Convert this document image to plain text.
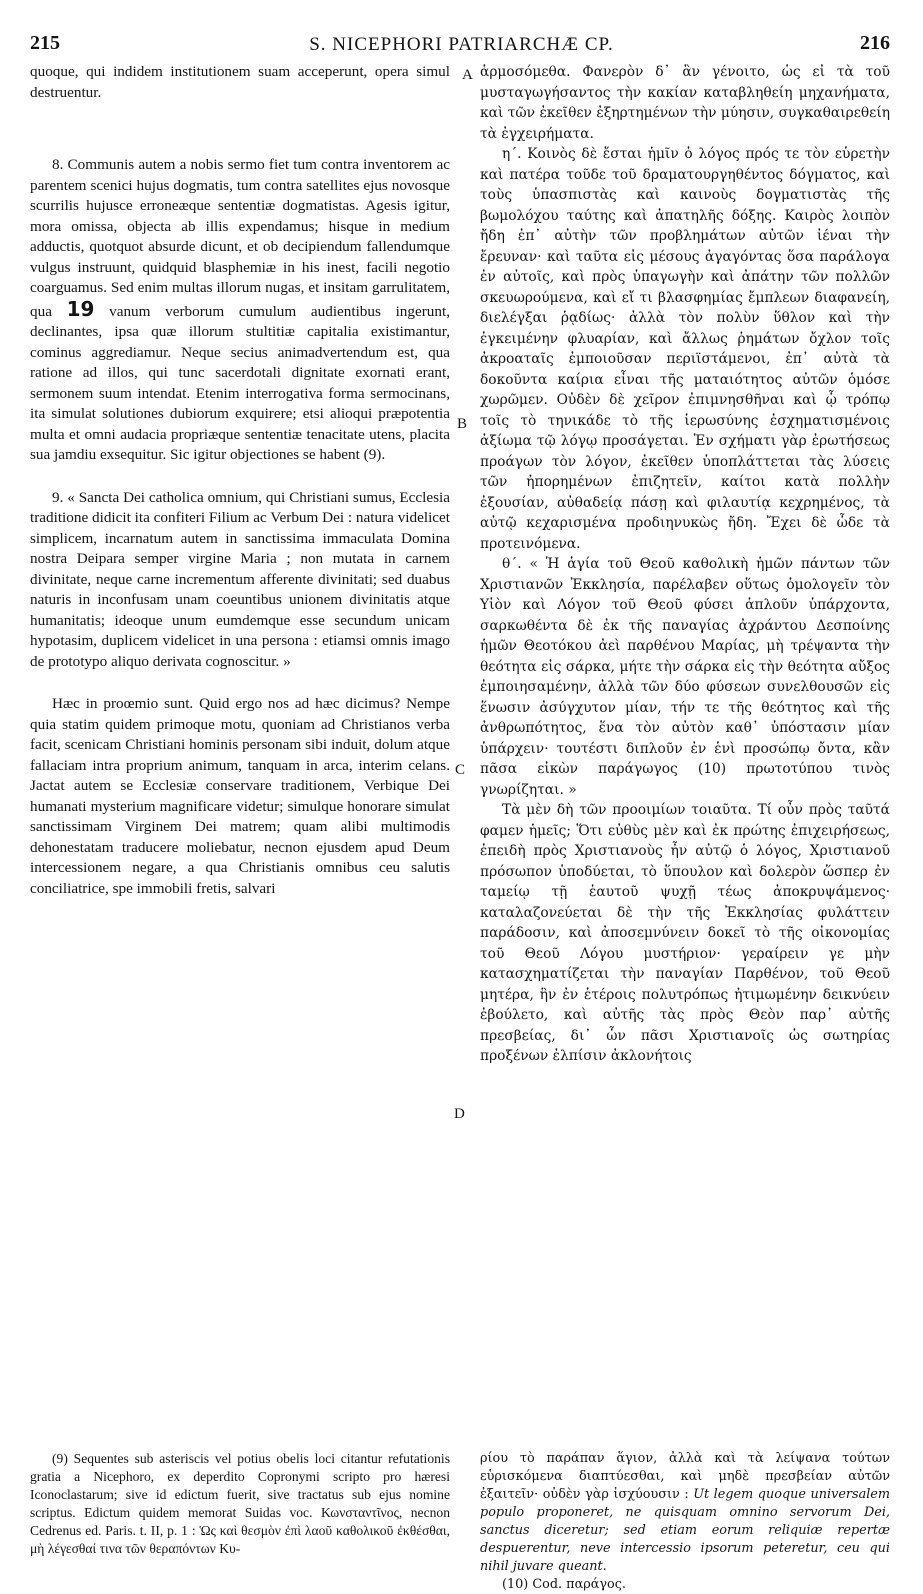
215	S. NICEPHORI PATRIARCHÆ CP.	216

quoque, qui indidem institutionem suam acceperunt, opera simul destruentur.

8. Communis autem a nobis sermo fiet tum contra inventorem ac parentem scenici hujus dogmatis, tum contra satellites ejus novosque scurrilis hujusce erroneæque sententiæ dogmatistas. Agesis igitur, mora omissa, objecta ab illis expendamus; hisque in medium adductis, quotquot absurde dicunt, et ob decipiendum fallendumque vulgus instruunt, quidquid blasphemiæ in his inest, facili negotio coarguamus. Sed enim multas illorum nugas, et insitam garrulitatem, qua 19 vanum verborum cumulum audientibus ingerunt, declinantes, ipsa quæ illorum stultitiæ capitalia existimantur, cominus aggrediamur. Neque secius animadvertendum est, qua ratione ad illos, qui tunc sacerdotali dignitate exornati erant, sermonem suum intendat. Etenim interrogativa forma sermocinans, ita simulat solutiones dubiorum exquirere; etsi alioqui præpotentia multa et omni audacia propriæque sententiæ tenacitate utens, placita sua jamdiu exsequitur. Sic igitur objectiones se habent (9).

9. « Sancta Dei catholica omnium, qui Christiani sumus, Ecclesia traditione didicit ita confiteri Filium ac Verbum Dei : natura videlicet simplicem, incarnatum autem in sanctissima immaculata Domina nostra Deipara semper virgine Maria ; non mutata in carnem divinitate, neque carne incrementum afferente divinitati; sed duabus naturis in inconfusam unam coeuntibus unionem divinitatis atque humanitatis; ideoque unum eumdemque esse secundum unicam hypotasim, duplicem videlicet in una persona : etiamsi omnis imago de prototypo aliquo derivata cognoscitur. »

Hæc in proœmio sunt. Quid ergo nos ad hæc dicimus? Nempe quia statim quidem primoque motu, quoniam ad Christianos verba facit, scenicam Christiani hominis personam sibi induit, dolum atque fallaciam intra proprium animum, tanquam in arca, interim celans. Jactat autem se Ecclesiæ conservare traditionem, Verbique Dei humanati mysterium magnificare videtur; simulque honorare simulat sanctissimam Virginem Dei matrem; quam alibi multimodis dehonestatam traducere moliebatur, necnon ejusdem apud Deum intercessionem negare, a qua Christianis omnibus ceu salutis conciliatrice, spe immobili fretis, salvari

A
B
C
D

ἁρμοσόμεθα. Φανερὸν δ᾽ ἂν γένοιτο, ὡς εἰ τὰ τοῦ μυσταγωγήσαντος τὴν κακίαν καταβληθείη μηχανήματα, καὶ τῶν ἐκεῖθεν ἐξηρτημένων τὴν μύησιν, συγκαθαιρεθείη τὰ ἐγχειρήματα.

η΄. Κοινὸς δὲ ἔσται ἡμῖν ὁ λόγος πρός τε τὸν εὑρετὴν καὶ πατέρα τοῦδε τοῦ δραματουργηθέντος δόγματος, καὶ τοὺς ὑπασπιστὰς καὶ καινοὺς δογματιστὰς τῆς βωμολόχου ταύτης καὶ ἀπατηλῆς δόξης. Καιρὸς λοιπὸν ἤδη ἐπ᾽ αὐτὴν τῶν προβλημάτων αὐτῶν ἰέναι τὴν ἔρευναν· καὶ ταῦτα εἰς μέσους ἀγαγόντας ὅσα παράλογα ἐν αὐτοῖς, καὶ πρὸς ὑπαγωγὴν καὶ ἀπάτην τῶν πολλῶν σκευωρούμενα, καὶ εἴ τι βλασφημίας ἔμπλεων διαφανείη, διελέγξαι ῥᾳδίως· ἀλλὰ τὸν πολὺν ὕθλον καὶ τὴν ἐγκειμένην φλυαρίαν, καὶ ἄλλως ῥημάτων ὄχλον τοῖς ἀκροαταῖς ἐμποιοῦσαν περιϊστάμενοι, ἐπ᾽ αὐτὰ τὰ δοκοῦντα καίρια εἶναι τῆς ματαιότητος αὐτῶν ὁμόσε χωρῶμεν. Οὐδὲν δὲ χεῖρον ἐπιμνησθῆναι καὶ ᾧ τρόπῳ τοῖς τὸ τηνικάδε τὸ τῆς ἱερωσύνης ἐσχηματισμένοις ἀξίωμα τῷ λόγῳ προσάγεται. Ἐν σχήματι γὰρ ἐρωτήσεως προάγων τὸν λόγον, ἐκεῖθεν ὑποπλάττεται τὰς λύσεις τῶν ἠπορημένων ἐπιζητεῖν, καίτοι κατὰ πολλὴν ἐξουσίαν, αὐθαδείᾳ πάσῃ καὶ φιλαυτίᾳ κεχρημένος, τὰ αὐτῷ κεχαρισμένα προδιηνυκὼς ἤδη. Ἔχει δὲ ὧδε τὰ προτεινόμενα.

θ΄. « Ἡ ἁγία τοῦ Θεοῦ καθολικὴ ἡμῶν πάντων τῶν Χριστιανῶν Ἐκκλησία, παρέλαβεν οὕτως ὁμολογεῖν τὸν Υἱὸν καὶ Λόγον τοῦ Θεοῦ φύσει ἁπλοῦν ὑπάρχοντα, σαρκωθέντα δὲ ἐκ τῆς παναγίας ἀχράντου Δεσποίνης ἡμῶν Θεοτόκου ἀεὶ παρθένου Μαρίας, μὴ τρέψαντα τὴν θεότητα εἰς σάρκα, μήτε τὴν σάρκα εἰς τὴν θεότητα αὔξος ἐμποιησαμένην, ἀλλὰ τῶν δύο φύσεων συνελθουσῶν εἰς ἕνωσιν ἀσύγχυτον μίαν, τήν τε τῆς θεότητος καὶ τῆς ἀνθρωπότητος, ἕνα τὸν αὐτὸν καθ᾽ ὑπόστασιν μίαν ὑπάρχειν· τουτέστι διπλοῦν ἐν ἑνὶ προσώπῳ ὄντα, κἂν πᾶσα εἰκὼν παράγωγος (10) πρωτοτύπου τινὸς γνωρίζηται. »

Τὰ μὲν δὴ τῶν προοιμίων τοιαῦτα. Τί οὖν πρὸς ταῦτά φαμεν ἡμεῖς; Ὅτι εὐθὺς μὲν καὶ ἐκ πρώτης ἐπιχειρήσεως, ἐπειδὴ πρὸς Χριστιανοὺς ἦν αὐτῷ ὁ λόγος, Χριστιανοῦ πρόσωπον ὑποδύεται, τὸ ὕπουλον καὶ δολερὸν ὥσπερ ἐν ταμείῳ τῇ ἑαυτοῦ ψυχῇ τέως ἀποκρυψάμενος· καταλαζονεύεται δὲ τὴν τῆς Ἐκκλησίας φυλάττειν παράδοσιν, καὶ ἀποσεμνύνειν δοκεῖ τὸ τῆς οἰκονομίας τοῦ Θεοῦ Λόγου μυστήριον· γεραίρειν γε μὴν κατασχηματίζεται τὴν παναγίαν Παρθένον, τοῦ Θεοῦ μητέρα, ἣν ἐν ἑτέροις πολυτρόπως ἠτιμωμένην δεικνύειν ἐβούλετο, καὶ αὐτῆς τὰς πρὸς Θεὸν παρ᾽ αὐτῆς πρεσβείας, δι᾽ ὧν πᾶσι Χριστιανοῖς ὡς σωτηρίας προξένων ἐλπίσιν ἀκλονήτοις

(9) Sequentes sub asteriscis vel potius obelis loci citantur refutationis gratia a Nicephoro, ex deperdito Copronymi scripto pro hæresi Iconoclastarum; sive id edictum fuerit, sive tractatus sub ejus nomine scriptus. Edictum quidem memorat Suidas voc. Κωνσταντῖνος, necnon Cedrenus ed. Paris. t. II, p. 1 : Ὡς καὶ θεσμὸν ἐπὶ λαοῦ καθολικοῦ ἐκθέσθαι, μὴ λέγεσθαί τινα τῶν θεραπόντων Κυ-

ρίου τὸ παράπαν ἅγιον, ἀλλὰ καὶ τὰ λείψανα τούτων εὑρισκόμενα διαπτύεσθαι, καὶ μηδὲ πρεσβείαν αὐτῶν ἐξαιτεῖν· οὐδὲν γὰρ ἰσχύουσιν : Ut legem quoque universalem populo proponeret, ne quisquam omnino servorum Dei, sanctus diceretur; sed etiam eorum reliquiæ repertæ despuerentur, neve intercessio ipsorum peteretur, ceu qui nihil juvare queant.

(10) Cod. παράγος.
